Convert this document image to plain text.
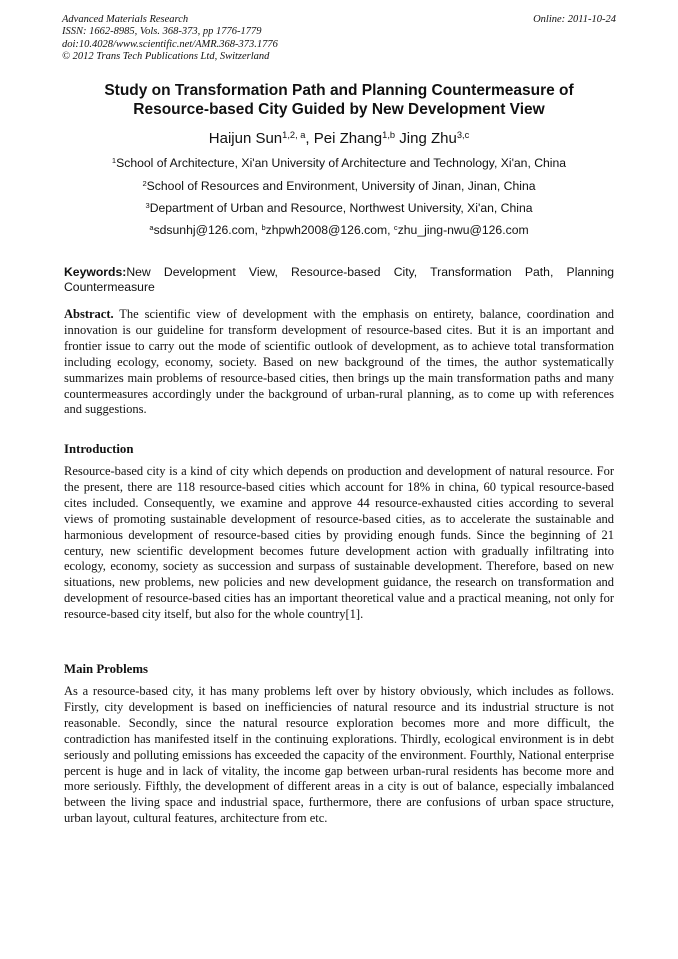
Advanced Materials Research
ISSN: 1662-8985, Vols. 368-373, pp 1776-1779
doi:10.4028/www.scientific.net/AMR.368-373.1776
© 2012 Trans Tech Publications Ltd, Switzerland
Online: 2011-10-24
Study on Transformation Path and Planning Countermeasure of Resource-based City Guided by New Development View
Haijun Sun$^{1,2, a}$, Pei Zhang$^{1,b}$ Jing Zhu$^{3,c}$
$^1$School of Architecture, Xi'an University of Architecture and Technology, Xi'an, China
$^2$School of Resources and Environment, University of Jinan, Jinan, China
$^3$Department of Urban and Resource, Northwest University, Xi'an, China
$^a$sdsunhj@126.com, $^b$zhpwh2008@126.com, $^c$zhu_jing-nwu@126.com
Keywords:New Development View, Resource-based City, Transformation Path, Planning Countermeasure
Abstract. The scientific view of development with the emphasis on entirety, balance, coordination and innovation is our guideline for transform development of resource-based cites. But it is an important and frontier issue to carry out the mode of scientific outlook of development, as to achieve total transformation including ecology, economy, society. Based on new background of the times, the author systematically summarizes main problems of resource-based cities, then brings up the main transformation paths and many countermeasures accordingly under the background of urban-rural planning, as to come up with references and suggestions.
Introduction
Resource-based city is a kind of city which depends on production and development of natural resource. For the present, there are 118 resource-based cities which account for 18% in china, 60 typical resource-based cites included. Consequently, we examine and approve 44 resource-exhausted cities according to several views of promoting sustainable development of resource-based cities, as to accelerate the sustainable and harmonious development of resource-based cities by providing enough funds. Since the beginning of 21 century, new scientific development becomes future development action with gradually infiltrating into ecology, economy, society as succession and surpass of sustainable development. Therefore, based on new situations, new problems, new policies and new development guidance, the research on transformation and development of resource-based cities has an important theoretical value and a practical meaning, not only for resource-based city itself, but also for the whole country[1].
Main Problems
As a resource-based city, it has many problems left over by history obviously, which includes as follows. Firstly, city development is based on inefficiencies of natural resource and its industrial structure is not reasonable. Secondly, since the natural resource exploration becomes more and more difficult, the contradiction has manifested itself in the continuing explorations. Thirdly, ecological environment is in debt seriously and polluting emissions has exceeded the capacity of the environment. Fourthly, National enterprise percent is huge and in lack of vitality, the income gap between urban-rural residents has become more and more seriously. Fifthly, the development of different areas in a city is out of balance, especially imbalanced between the living space and industrial space, furthermore, there are confusions of urban space structure, urban layout, cultural features, architecture from etc.
